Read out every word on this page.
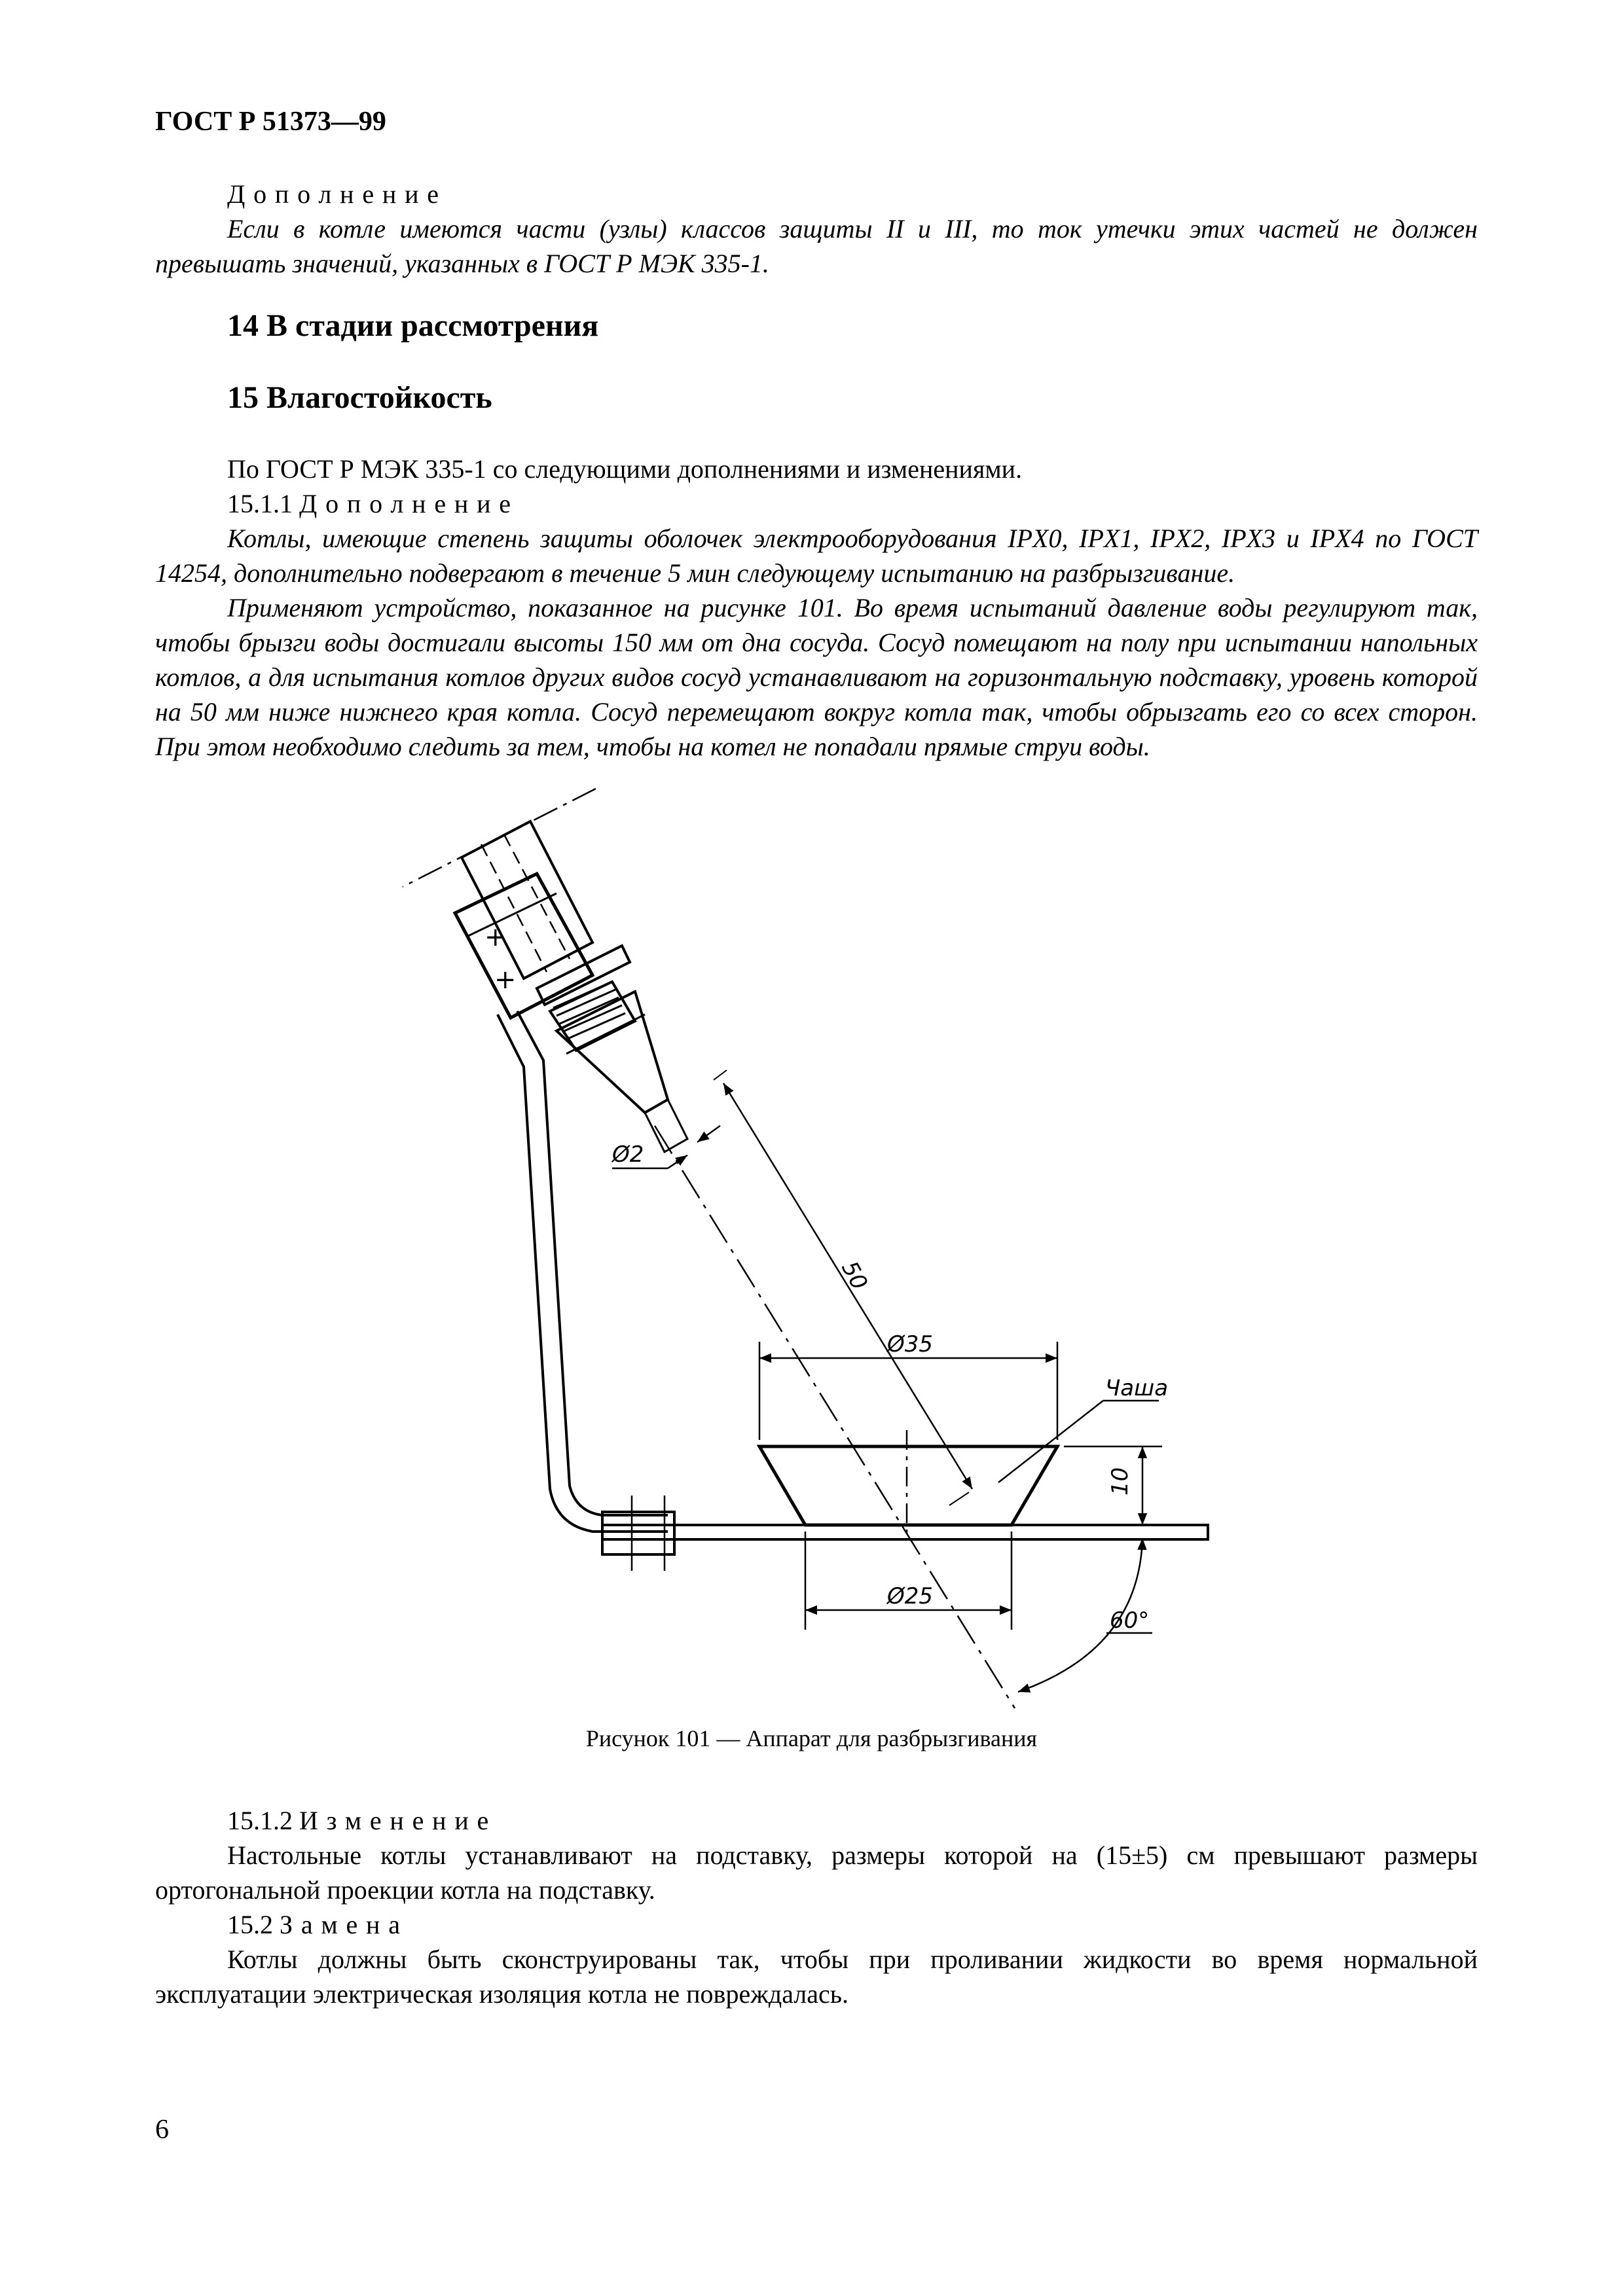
ГОСТ Р 51373—99

Дополнение

Если в котле имеются части (узлы) классов защиты II и III, то ток утечки этих частей не должен превышать значений, указанных в ГОСТ Р МЭК 335-1.

14 В стадии рассмотрения
15 Влагостойкость

По ГОСТ Р МЭК 335-1 со следующими дополнениями и изменениями.

15.1.1 Дополнение

Котлы, имеющие степень защиты оболочек электрооборудования IPX0, IPX1, IPX2, IPX3 и IPX4 по ГОСТ 14254, дополнительно подвергают в течение 5 мин следующему испытанию на разбрызгивание.

Применяют устройство, показанное на рисунке 101. Во время испытаний давление воды регулируют так, чтобы брызги воды достигали высоты 150 мм от дна сосуда. Сосуд помещают на полу при испытании напольных котлов, а для испытания котлов других видов сосуд устанавливают на горизонтальную подставку, уровень которой на 50 мм ниже нижнего края котла. Сосуд перемещают вокруг котла так, чтобы обрызгать его со всех сторон. При этом необходимо следить за тем, чтобы на котел не попадали прямые струи воды.

+
+
Ø2
50
Ø35
Ø25
10
Чаша
60°
Рисунок 101 — Аппарат для разбрызгивания

15.1.2 Изменение

Настольные котлы устанавливают на подставку, размеры которой на (15±5) см превышают размеры ортогональной проекции котла на подставку.

15.2 Замена

Котлы должны быть сконструированы так, чтобы при проливании жидкости во время нормальной эксплуатации электрическая изоляция котла не повреждалась.

6
